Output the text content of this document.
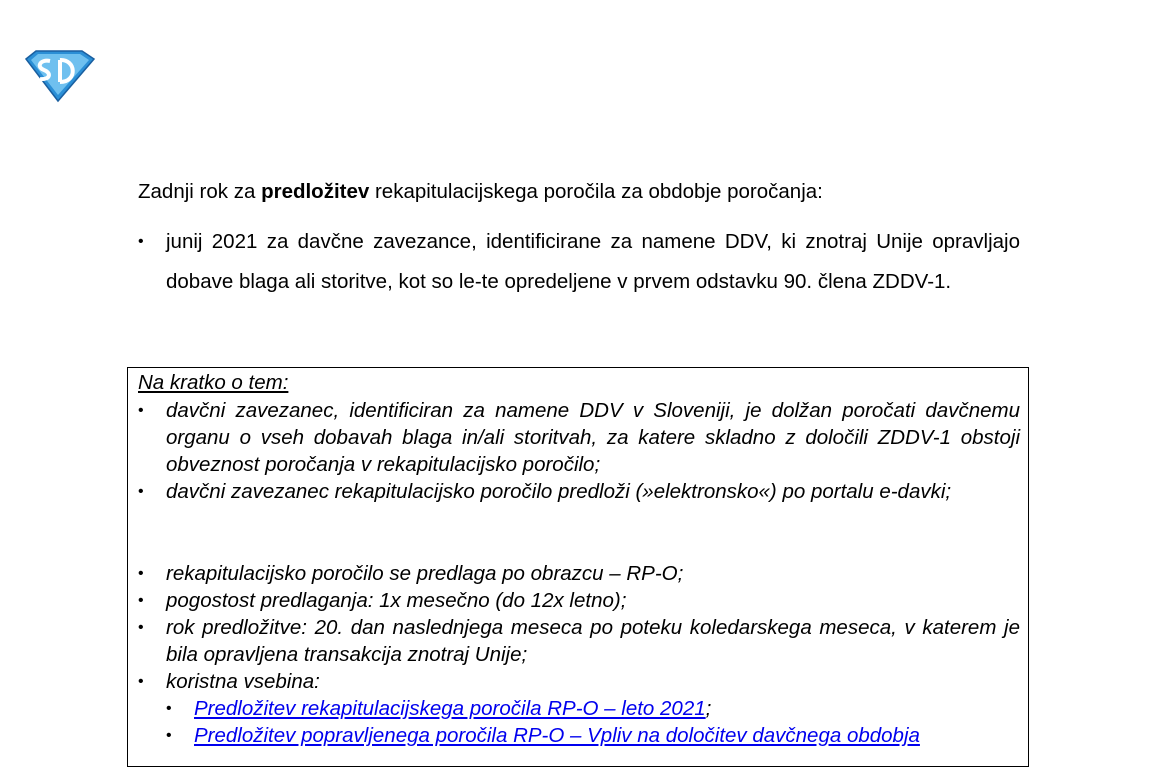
Zadnji rok za predložitev rekapitulacijskega poročila za obdobje poročanja:
• junij 2021 za davčne zavezance, identificirane za namene DDV, ki znotraj Unije opravljajo dobave blaga ali storitve, kot so le-te opredeljene v prvem odstavku 90. člena ZDDV-1.
Na kratko o tem:
• davčni zavezanec, identificiran za namene DDV v Sloveniji, je dolžan poročati davčnemu organu o vseh dobavah blaga in/ali storitvah, za katere skladno z določili ZDDV-1 obstoji obveznost poročanja v rekapitulacijsko poročilo;
• davčni zavezanec rekapitulacijsko poročilo predloži (»elektronsko«) po portalu e-davki;
• rekapitulacijsko poročilo se predlaga po obrazcu – RP-O;
• pogostost predlaganja: 1x mesečno (do 12x letno);
• rok predložitve: 20. dan naslednjega meseca po poteku koledarskega meseca, v katerem je bila opravljena transakcija znotraj Unije;
• koristna vsebina:
• Predložitev rekapitulacijskega poročila RP-O – leto 2021;
• Predložitev popravljenega poročila RP-O – Vpliv na določitev davčnega obdobja
